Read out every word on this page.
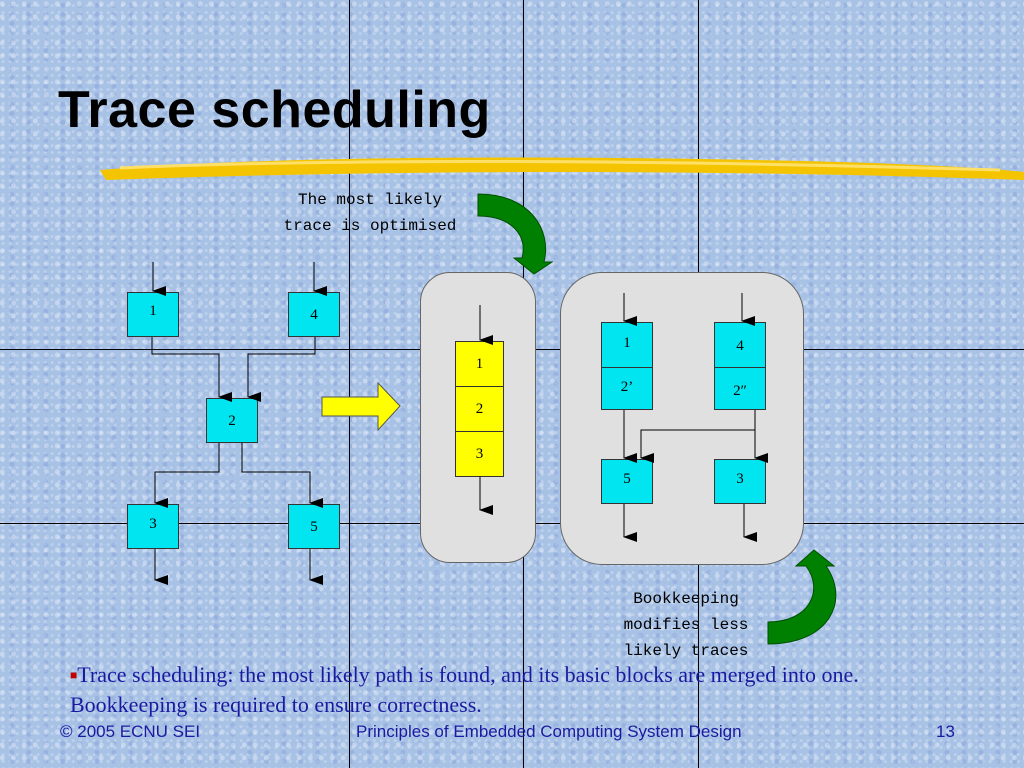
Trace scheduling
The most likely
trace is optimised
Bookkeeping
modifies less
likely traces
1	4
2
3	5
1
2
3
1
2’
4
2″
5	3

■Trace scheduling: the most likely path is found, and its basic blocks are merged into one. Bookkeeping is required to ensure correctness.

© 2005 ECNU SEI	Principles of Embedded Computing System Design	13
